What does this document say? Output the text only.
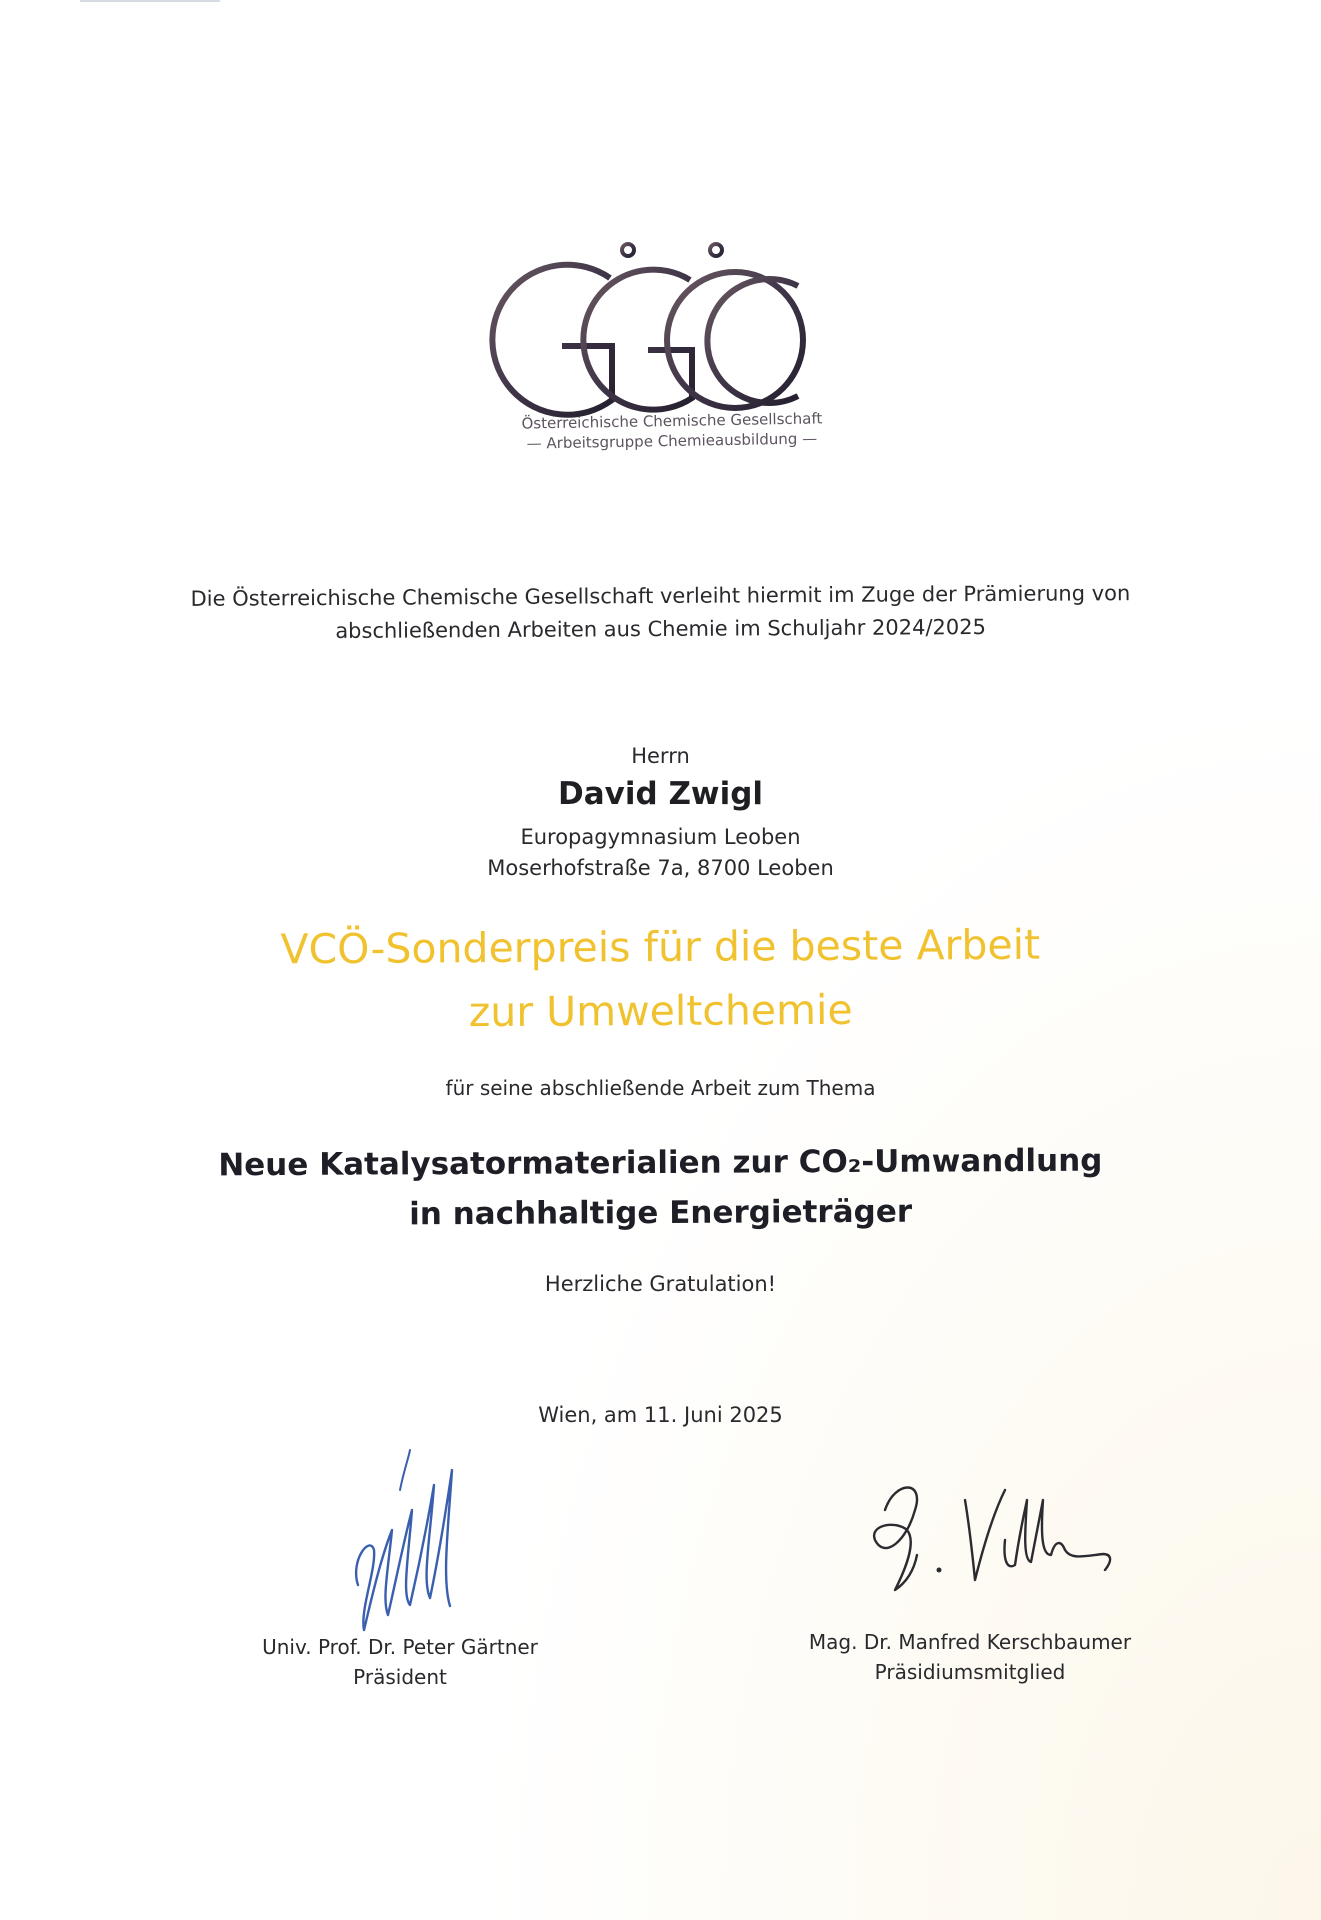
Österreichische Chemische Gesellschaft
— Arbeitsgruppe Chemieausbildung —
Die Österreichische Chemische Gesellschaft verleiht hiermit im Zuge der Prämierung von
abschließenden Arbeiten aus Chemie im Schuljahr 2024/2025
Herrn
David Zwigl
Europagymnasium Leoben
Moserhofstraße 7a, 8700 Leoben
VCÖ-Sonderpreis für die beste Arbeit
zur Umweltchemie
für seine abschließende Arbeit zum Thema
Neue Katalysatormaterialien zur CO₂-Umwandlung
in nachhaltige Energieträger
Herzliche Gratulation!
Wien, am 11. Juni 2025
Univ. Prof. Dr. Peter Gärtner
Präsident
Mag. Dr. Manfred Kerschbaumer
Präsidiumsmitglied
